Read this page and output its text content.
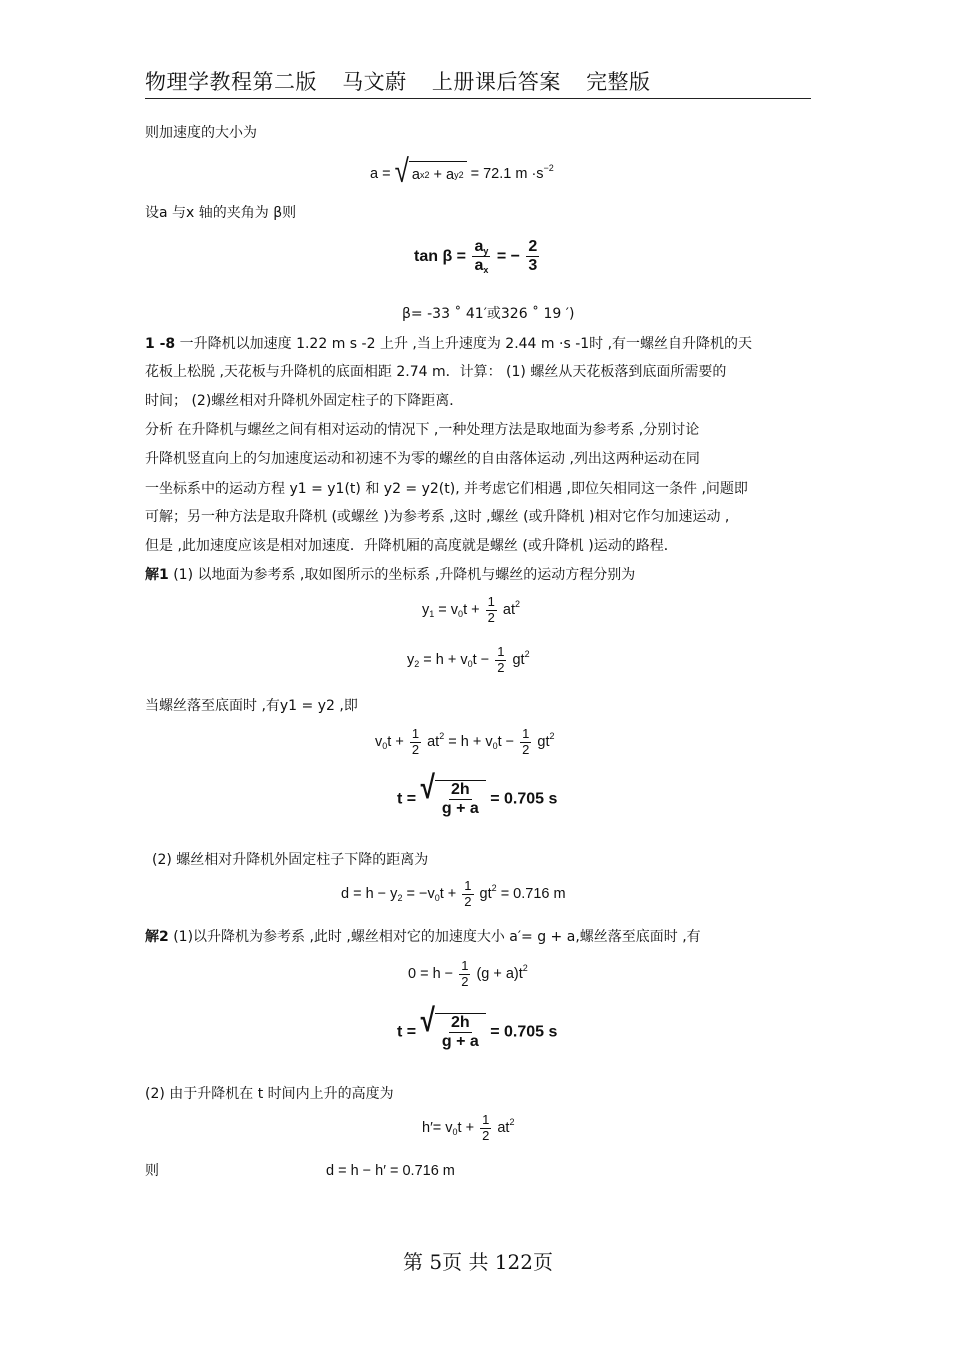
物理学教程第二版 马文蔚 上册课后答案 完整版
则加速度的大小为
a = √ a x 2 + a y 2 = 72.1 $m \cdot s^{-2}$
设a 与x 轴的夹角为 β则
$\tan \beta = \frac{a_y}{a_x}$ = − $\frac{2}{3}$
β= -33 ˚ 41′或326 ˚ 19 ′)
1 -8 一升降机以加速度 1.22 m s -2 上升 ,当上升速度为 2.44 m ·s -1时 ,有一螺丝自升降机的天
花板上松脱 ,天花板与升降机的底面相距 2.74 m．计算： (1) 螺丝从天花板落到底面所需要的
时间； (2)螺丝相对升降机外固定柱子的下降距离．
分析 在升降机与螺丝之间有相对运动的情况下 ,一种处理方法是取地面为参考系 ,分别讨论
升降机竖直向上的匀加速度运动和初速不为零的螺丝的自由落体运动 ,列出这两种运动在同
一坐标系中的运动方程 y1 = y1(t) 和 y2 = y2(t), 并考虑它们相遇 ,即位矢相同这一条件 ,问题即
可解；另一种方法是取升降机 (或螺丝 )为参考系 ,这时 ,螺丝 (或升降机 )相对它作匀加速运动 ,
但是 ,此加速度应该是相对加速度．升降机厢的高度就是螺丝 (或升降机 )运动的路程．
解1 (1) 以地面为参考系 ,取如图所示的坐标系 ,升降机与螺丝的运动方程分别为
$y_1 = v_0t + \frac{1}{2} at^2$
$y_2 = h + v_0t - \frac{1}{2} gt^2$
当螺丝落至底面时 ,有y1 = y2 ,即
$v_0t + \frac{1}{2} at^2 = h + v_0t - \frac{1}{2} gt^2$
t = √ $\frac{2h}{g + a} = 0.705$ s
(2) 螺丝相对升降机外固定柱子下降的距离为
$d = h - y_2 = -v_0t + \frac{1}{2} gt^2 = 0.716$ m
解2 (1)以升降机为参考系 ,此时 ,螺丝相对它的加速度大小 a′= g + a,螺丝落至底面时 ,有
$0 = h - \frac{1}{2} (g + a)t^2$
t = √ $\frac{2h}{g + a} = 0.705$ s
(2) 由于升降机在 t 时间内上升的高度为
$h'= v_0t + \frac{1}{2} at^2$
则	d = h − h′ = 0.716 m
第 5页 共 122页
